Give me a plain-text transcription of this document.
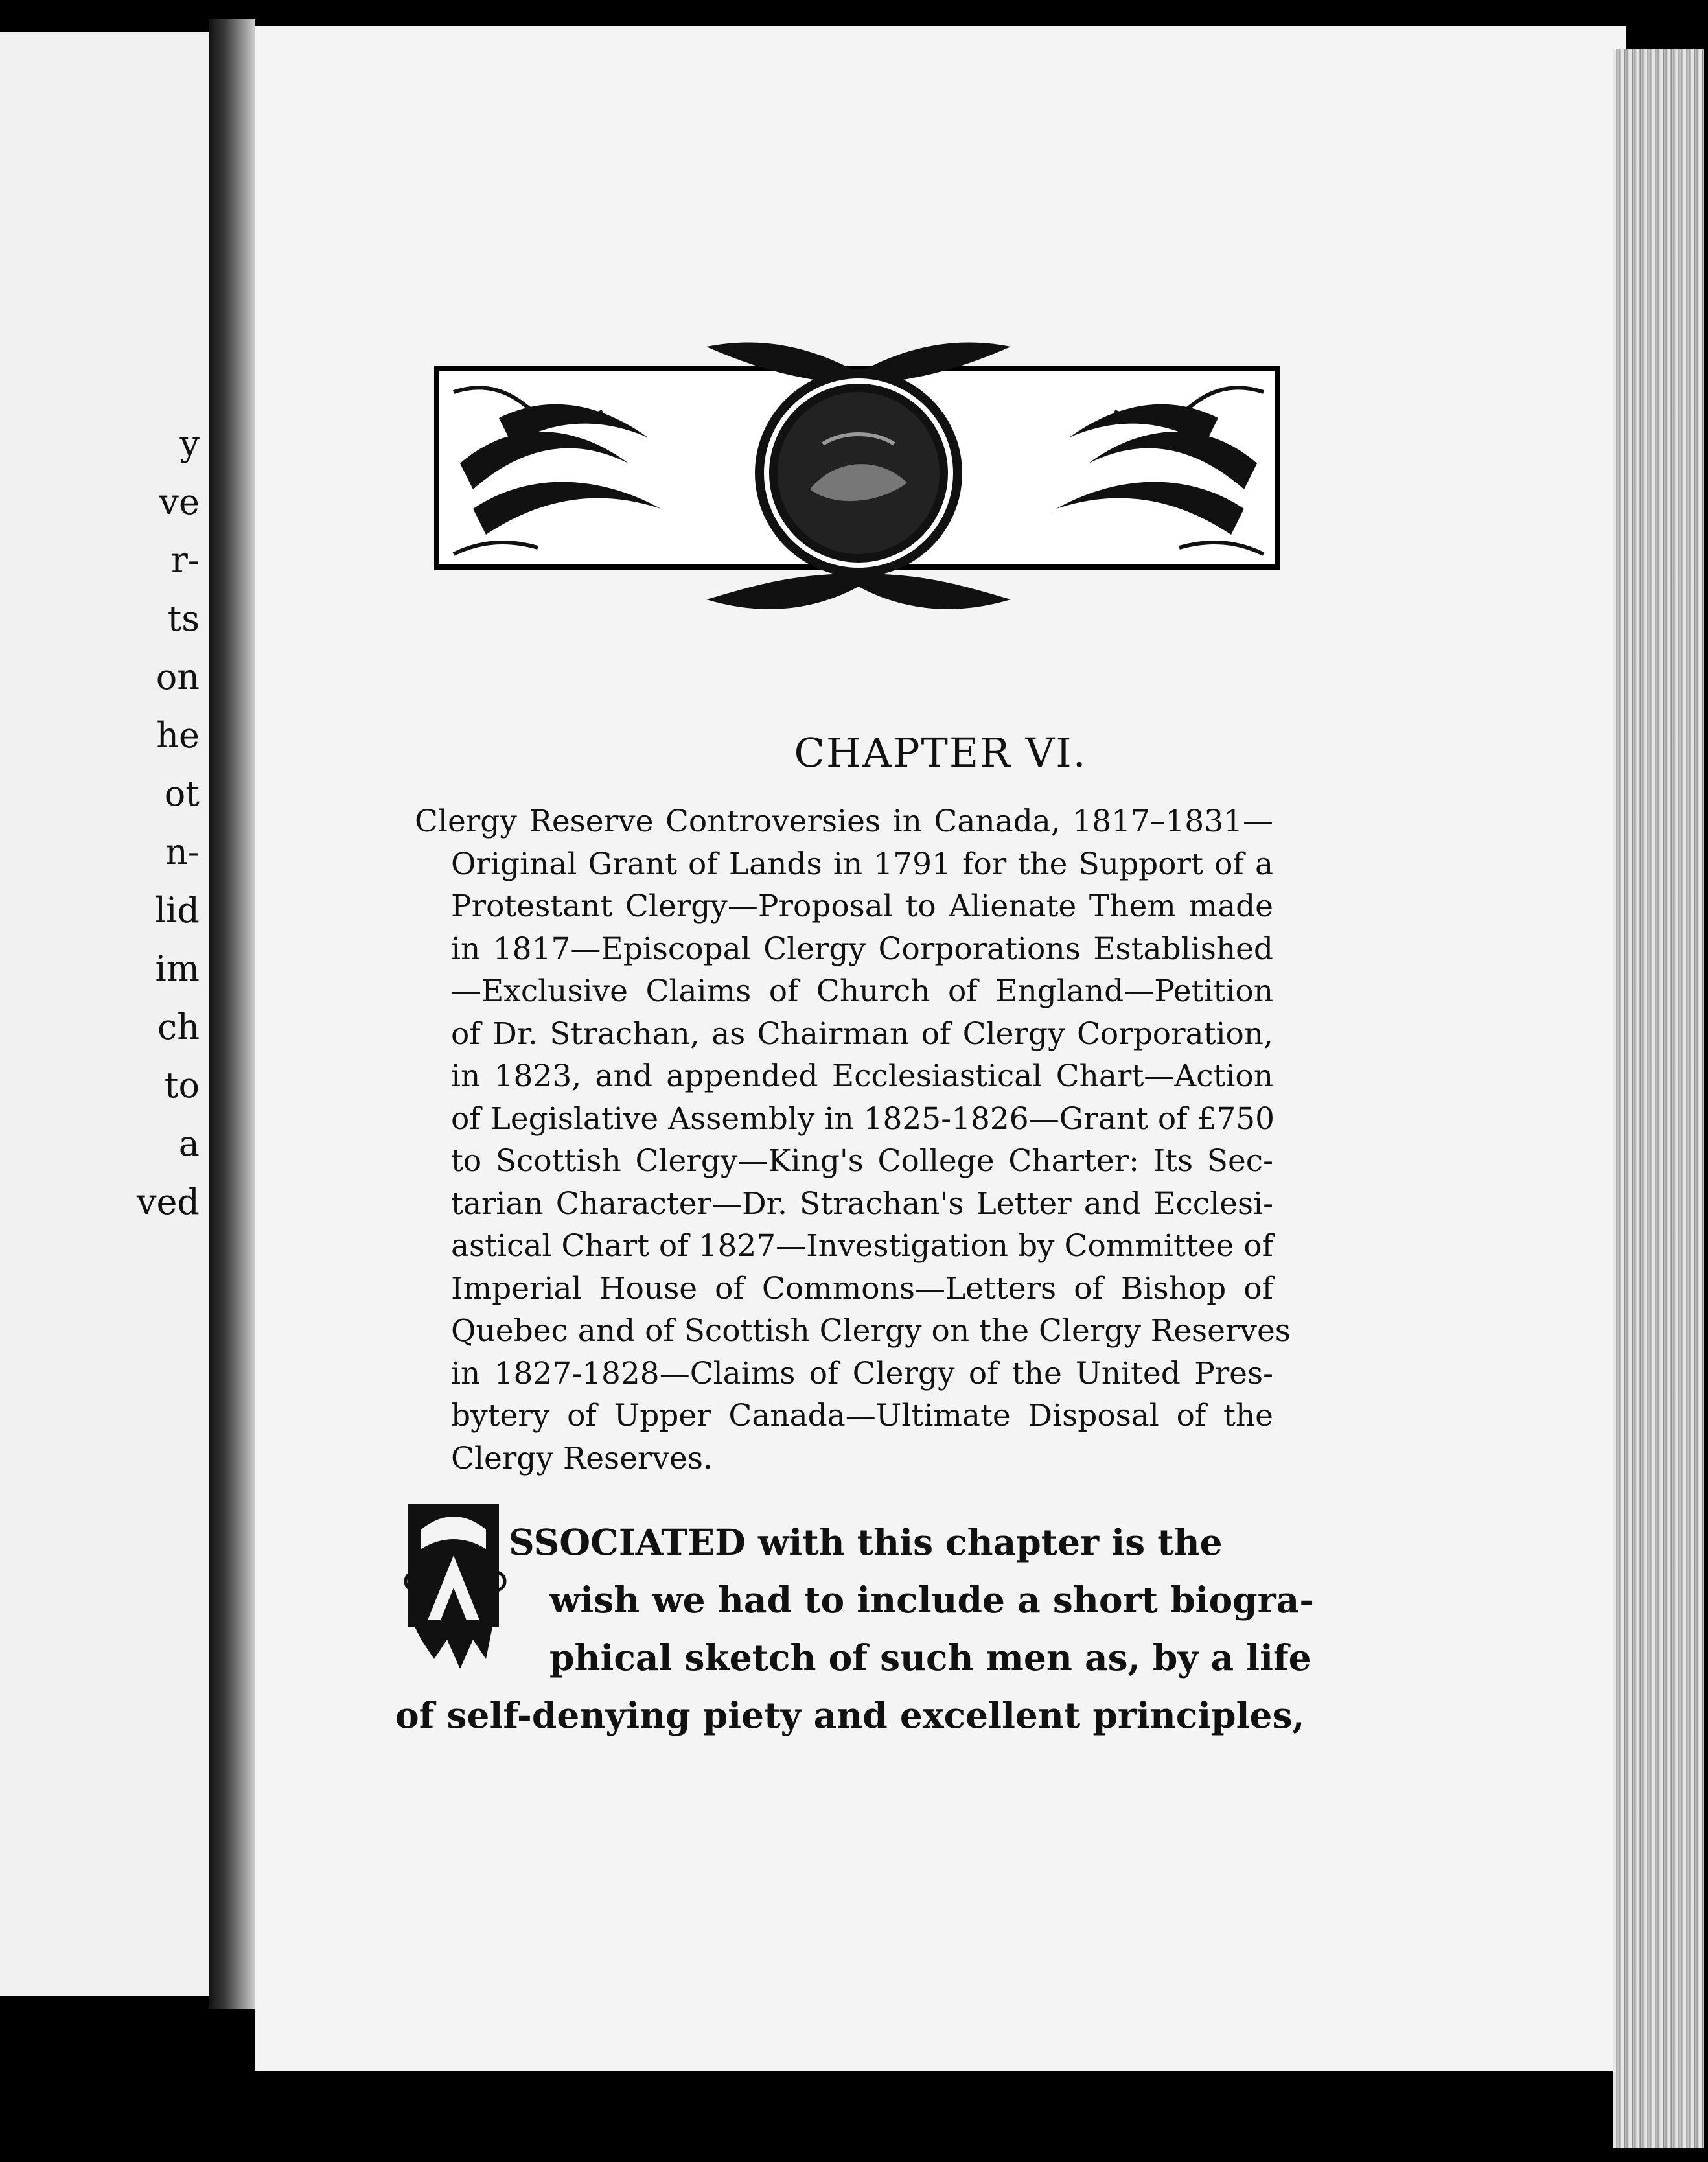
y
ve
r-
ts
on
he
ot
n-
lid
im
ch
to
a
ved
CHAPTER VI.
Clergy Reserve Controversies in Canada, 1817–1831—
Original Grant of Lands in 1791 for the Support of a
Protestant Clergy—Proposal to Alienate Them made
in 1817—Episcopal Clergy Corporations Established
—Exclusive Claims of Church of England—Petition
of Dr. Strachan, as Chairman of Clergy Corporation,
in 1823, and appended Ecclesiastical Chart—Action
of Legislative Assembly in 1825-1826—Grant of £750
to Scottish Clergy—King's College Charter: Its Sec-
tarian Character—Dr. Strachan's Letter and Ecclesi-
astical Chart of 1827—Investigation by Committee of
Imperial House of Commons—Letters of Bishop of
Quebec and of Scottish Clergy on the Clergy Reserves
in 1827-1828—Claims of Clergy of the United Pres-
bytery of Upper Canada—Ultimate Disposal of the
Clergy Reserves.
A
SSOCIATED with this chapter is the
wish we had to include a short biogra-
phical sketch of such men as, by a life
of self-denying piety and excellent principles,
